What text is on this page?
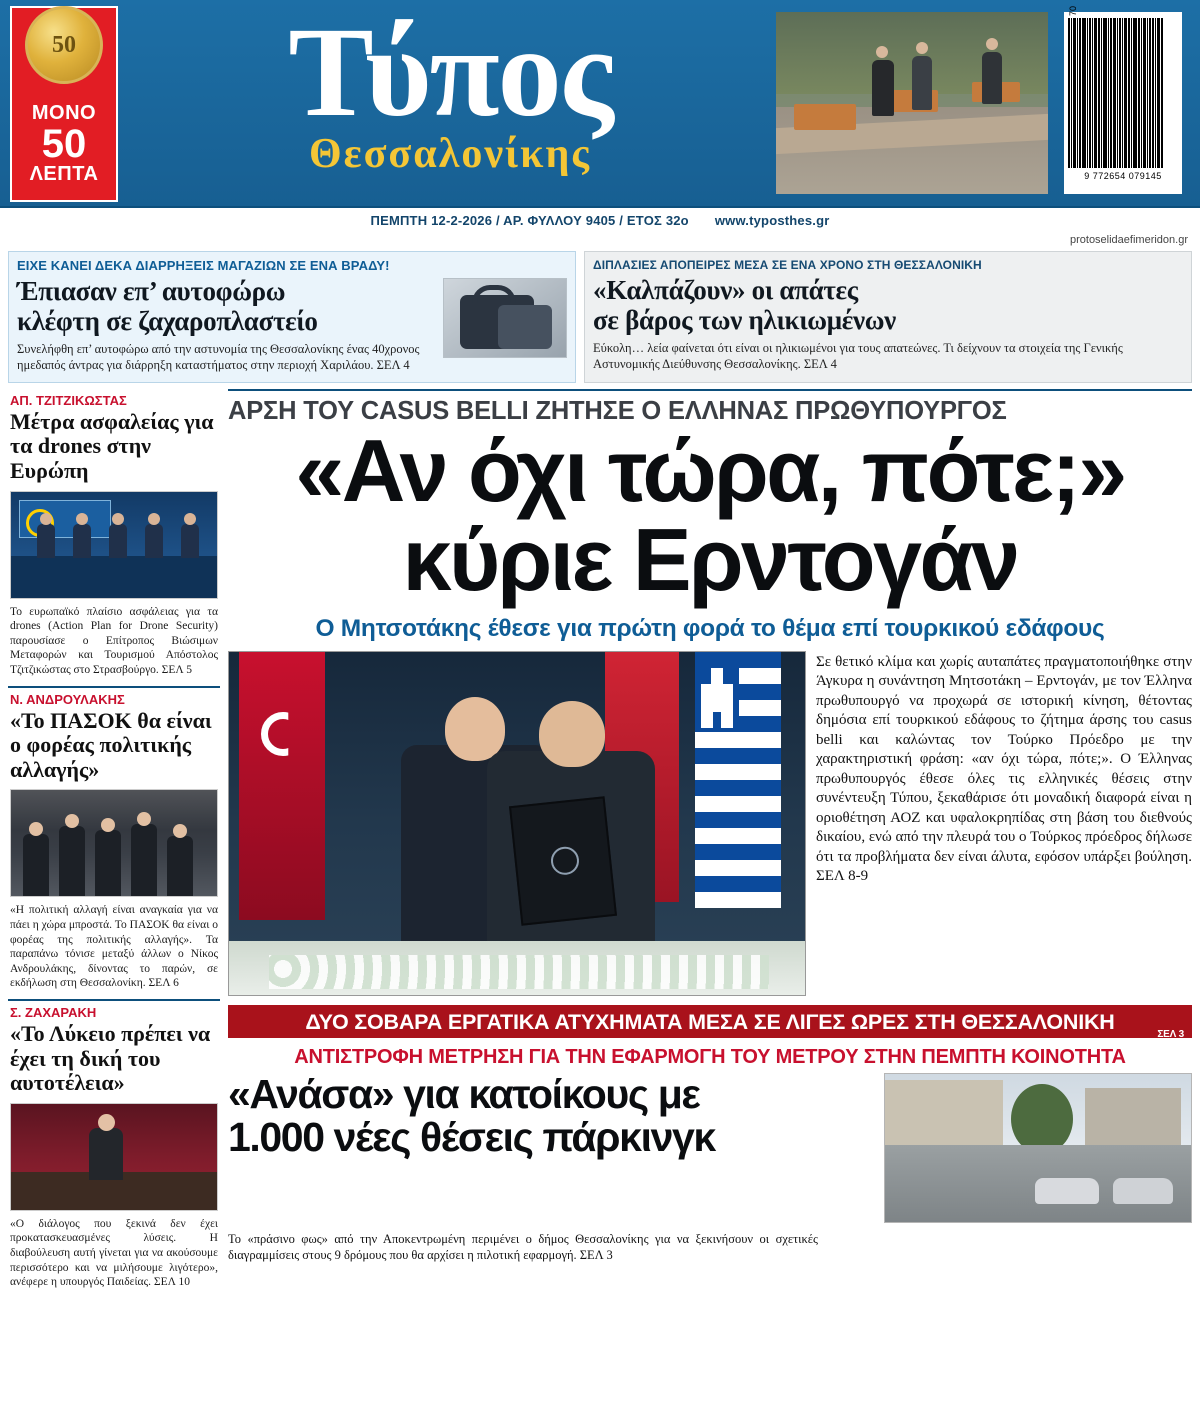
50
ΜΟΝΟ
50
ΛΕΠΤΑ
Τύπος
Θεσσαλονίκης
70
9 772654 079145
ΠΕΜΠΤΗ 12-2-2026 / ΑΡ. ΦΥΛΛΟΥ 9405 / ΕΤΟΣ 32ο www.typosthes.gr
protoselidaefimeridon.gr
ΕΙΧΕ ΚΑΝΕΙ ΔΕΚΑ ΔΙΑΡΡΗΞΕΙΣ ΜΑΓΑΖΙΩΝ ΣΕ ΕΝΑ ΒΡΑΔΥ!
Έπιασαν επ’ αυτοφώρω
κλέφτη σε ζαχαροπλαστείο
Συνελήφθη επ’ αυτοφώρω από την αστυνομία της Θεσσαλονίκης ένας 40χρονος ημεδαπός άντρας για διάρρηξη καταστήματος στην περιοχή Χαριλάου. ΣΕΛ 4
ΔΙΠΛΑΣΙΕΣ ΑΠΟΠΕΙΡΕΣ ΜΕΣΑ ΣΕ ΕΝΑ ΧΡΟΝΟ ΣΤΗ ΘΕΣΣΑΛΟΝΙΚΗ
«Καλπάζουν» οι απάτες
σε βάρος των ηλικιωμένων
Εύκολη… λεία φαίνεται ότι είναι οι ηλικιωμένοι για τους απατεώνες. Τι δείχνουν τα στοιχεία της Γενικής Αστυνομικής Διεύθυνσης Θεσσαλονίκης. ΣΕΛ 4
ΑΠ. ΤΖΙΤΖΙΚΩΣΤΑΣ
Μέτρα ασφαλείας για τα drones στην Ευρώπη
Το ευρωπαϊκό πλαίσιο ασφάλειας για τα drones (Action Plan for Drone Security) παρουσίασε ο Επίτροπος Βιώσιμων Μεταφορών και Τουρισμού Απόστολος Τζιτζικώστας στο Στρασβούργο. ΣΕΛ 5
Ν. ΑΝΔΡΟΥΛΑΚΗΣ
«Το ΠΑΣΟΚ θα είναι ο φορέας πολιτικής αλλαγής»
«Η πολιτική αλλαγή είναι αναγκαία για να πάει η χώρα μπροστά. Το ΠΑΣΟΚ θα είναι ο φορέας της πολιτικής αλλαγής». Τα παραπάνω τόνισε μεταξύ άλλων ο Νίκος Ανδρουλάκης, δίνοντας το παρών, σε εκδήλωση στη Θεσσαλονίκη. ΣΕΛ 6
Σ. ΖΑΧΑΡΑΚΗ
«Το Λύκειο πρέπει να έχει τη δική του αυτοτέλεια»
«Ο διάλογος που ξεκινά δεν έχει προκατασκευασμένες λύσεις. Η διαβούλευση αυτή γίνεται για να ακούσουμε περισσότερο και να μιλήσουμε λιγότερο», ανέφερε η υπουργός Παιδείας. ΣΕΛ 10
ΑΡΣΗ ΤΟΥ CASUS BELLI ΖΗΤΗΣΕ Ο ΕΛΛΗΝΑΣ ΠΡΩΘΥΠΟΥΡΓΟΣ
«Αν όχι τώρα, πότε;»
κύριε Ερντογάν
Ο Μητσοτάκης έθεσε για πρώτη φορά το θέμα επί τουρκικού εδάφους
Σε θετικό κλίμα και χωρίς αυταπάτες πραγματοποιήθηκε στην Άγκυρα η συνάντηση Μητσοτάκη – Ερντογάν, με τον Έλληνα πρωθυπουργό να προχωρά σε ιστορική κίνηση, θέτοντας δημόσια επί τουρκικού εδάφους το ζήτημα άρσης του casus belli και καλώντας τον Τούρκο Πρόεδρο με την χαρακτηριστική φράση: «αν όχι τώρα, πότε;». Ο Έλληνας πρωθυπουργός έθεσε όλες τις ελληνικές θέσεις στην συνέντευξη Τύπου, ξεκαθάρισε ότι μοναδική διαφορά είναι η οριοθέτηση ΑΟΖ και υφαλοκρηπίδας στη βάση του διεθνούς δικαίου, ενώ από την πλευρά του ο Τούρκος πρόεδρος δήλωσε ότι τα προβλήματα δεν είναι άλυτα, εφόσον υπάρξει βούληση. ΣΕΛ 8-9
ΔΥΟ ΣΟΒΑΡΑ ΕΡΓΑΤΙΚΑ ΑΤΥΧΗΜΑΤΑ ΜΕΣΑ ΣΕ ΛΙΓΕΣ ΩΡΕΣ ΣΤΗ ΘΕΣΣΑΛΟΝΙΚΗ
ΣΕΛ 3
ΑΝΤΙΣΤΡΟΦΗ ΜΕΤΡΗΣΗ ΓΙΑ ΤΗΝ ΕΦΑΡΜΟΓΗ ΤΟΥ ΜΕΤΡΟΥ ΣΤΗΝ ΠΕΜΠΤΗ ΚΟΙΝΟΤΗΤΑ
«Ανάσα» για κατοίκους με
1.000 νέες θέσεις πάρκινγκ
Το «πράσινο φως» από την Αποκεντρωμένη περιμένει ο δήμος Θεσσαλονίκης για να ξεκινήσουν οι σχετικές διαγραμμίσεις στους 9 δρόμους που θα αρχίσει η πιλοτική εφαρμογή. ΣΕΛ 3
